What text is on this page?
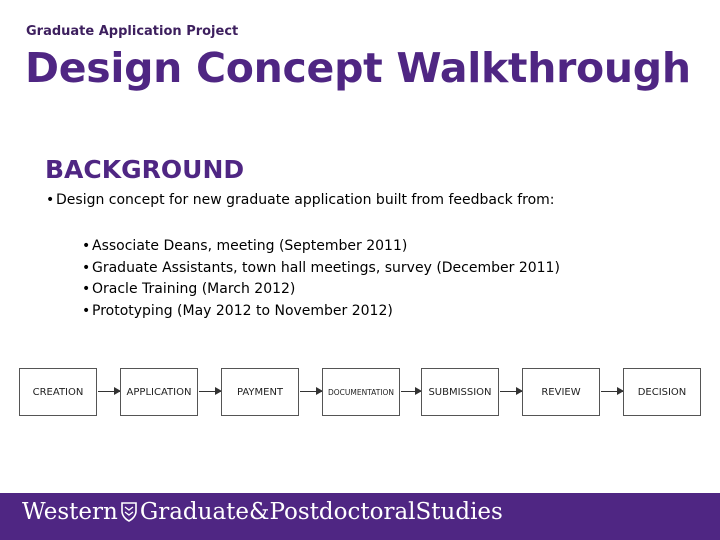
Graduate Application Project
Design Concept Walkthrough
BACKGROUND
• Design concept for new graduate application built from feedback from:
• Associate Deans, meeting (September 2011)
• Graduate Assistants, town hall meetings, survey (December 2011)
• Oracle Training (March 2012)
• Prototyping (May 2012 to November 2012)
CREATION	APPLICATION	PAYMENT	DOCUMENTATION	SUBMISSION	REVIEW	DECISION
Western Graduate&PostdoctoralStudies
